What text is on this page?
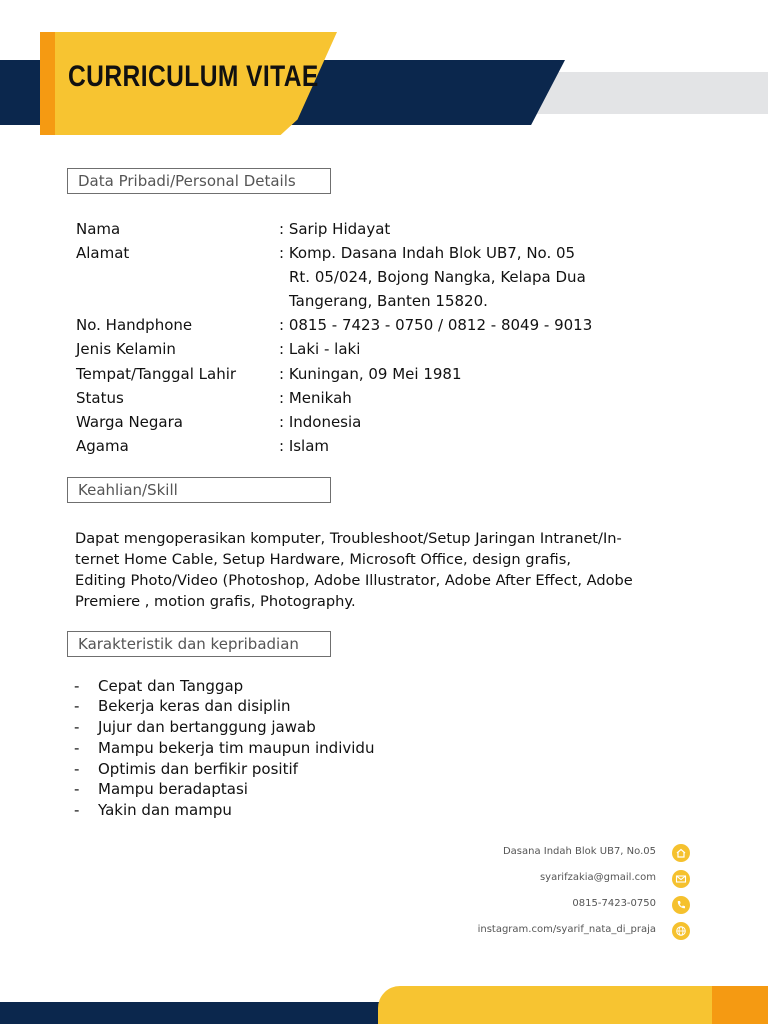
CURRICULUM VITAE
Data Pribadi/Personal Details
Nama	: Sarip Hidayat
Alamat	: Komp. Dasana Indah Blok UB7, No. 05
Rt. 05/024, Bojong Nangka, Kelapa Dua
Tangerang, Banten 15820.
No. Handphone	: 0815 - 7423 - 0750 / 0812 - 8049 - 9013
Jenis Kelamin	: Laki - laki
Tempat/Tanggal Lahir	: Kuningan, 09 Mei 1981
Status	: Menikah
Warga Negara	: Indonesia
Agama	: Islam
Keahlian/Skill
Dapat mengoperasikan komputer, Troubleshoot/Setup Jaringan Intranet/In-
ternet Home Cable, Setup Hardware, Microsoft Office, design grafis,
Editing Photo/Video (Photoshop, Adobe Illustrator, Adobe After Effect, Adobe
Premiere , motion grafis, Photography.
Karakteristik dan kepribadian
- Cepat dan Tanggap
- Bekerja keras dan disiplin
- Jujur dan bertanggung jawab
- Mampu bekerja tim maupun individu
- Optimis dan berfikir positif
- Mampu beradaptasi
- Yakin dan mampu
Dasana Indah Blok UB7, No.05
syarifzakia@gmail.com
0815-7423-0750
instagram.com/syarif_nata_di_praja
